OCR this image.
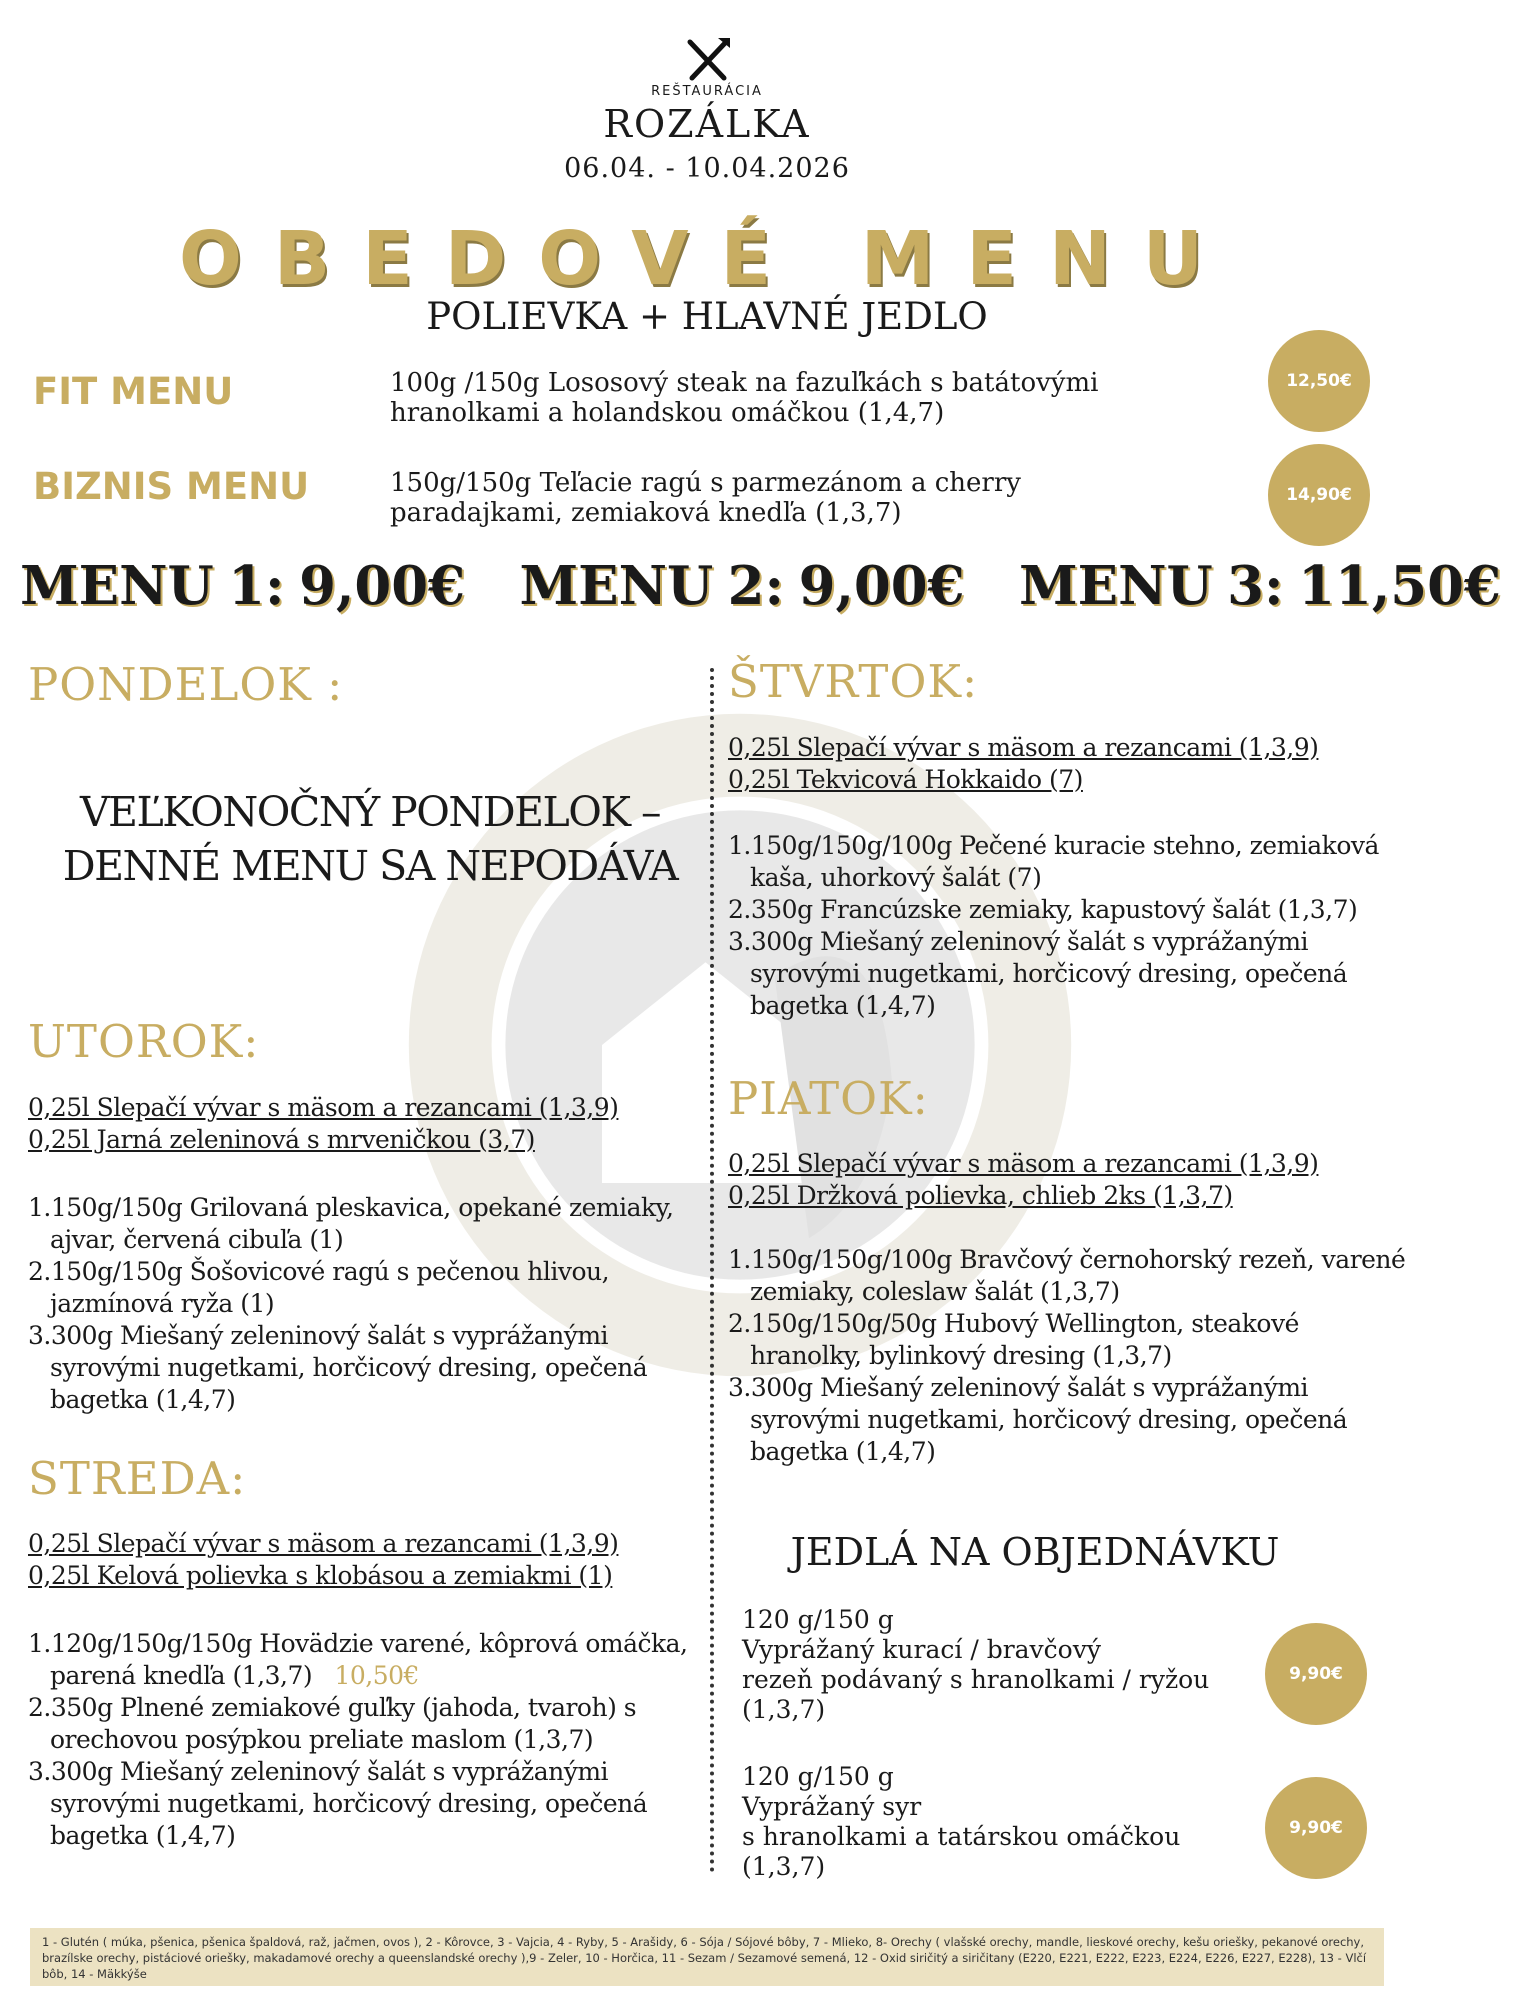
REŠTAURÁCIA
ROZÁLKA
06.04. - 10.04.2026
OBEDOVÉ MENU
POLIEVKA + HLAVNÉ JEDLO
FIT MENU	100g /150g Lososový steak na fazuľkách s batátovými
hranolkami a holandskou omáčkou (1,4,7)
12,50€
BIZNIS MENU	150g/150g Teľacie ragú s parmezánom a cherry
paradajkami, zemiaková knedľa (1,3,7)
14,90€
MENU 1: 9,00€ MENU 2: 9,00€ MENU 3: 11,50€
PONDELOK :
VEĽKONOČNÝ PONDELOK –
DENNÉ MENU SA NEPODÁVA
UTOROK:
0,25l Slepačí vývar s mäsom a rezancami (1,3,9)
0,25l Jarná zeleninová s mrveničkou (3,7)
1.150g/150g Grilovaná pleskavica, opekané zemiaky,
ajvar, červená cibuľa (1)
2.150g/150g Šošovicové ragú s pečenou hlivou,
jazmínová ryža (1)
3.300g Miešaný zeleninový šalát s vyprážanými
syrovými nugetkami, horčicový dresing, opečená
bagetka (1,4,7)
STREDA:
0,25l Slepačí vývar s mäsom a rezancami (1,3,9)
0,25l Kelová polievka s klobásou a zemiakmi (1)
1.120g/150g/150g Hovädzie varené, kôprová omáčka,
parená knedľa (1,3,7) 10,50€
2.350g Plnené zemiakové guľky (jahoda, tvaroh) s
orechovou posýpkou preliate maslom (1,3,7)
3.300g Miešaný zeleninový šalát s vyprážanými
syrovými nugetkami, horčicový dresing, opečená
bagetka (1,4,7)
ŠTVRTOK:
0,25l Slepačí vývar s mäsom a rezancami (1,3,9)
0,25l Tekvicová Hokkaido (7)
1.150g/150g/100g Pečené kuracie stehno, zemiaková
kaša, uhorkový šalát (7)
2.350g Francúzske zemiaky, kapustový šalát (1,3,7)
3.300g Miešaný zeleninový šalát s vyprážanými
syrovými nugetkami, horčicový dresing, opečená
bagetka (1,4,7)
PIATOK:
0,25l Slepačí vývar s mäsom a rezancami (1,3,9)
0,25l Držková polievka, chlieb 2ks (1,3,7)
1.150g/150g/100g Bravčový černohorský rezeň, varené
zemiaky, coleslaw šalát (1,3,7)
2.150g/150g/50g Hubový Wellington, steakové
hranolky, bylinkový dresing (1,3,7)
3.300g Miešaný zeleninový šalát s vyprážanými
syrovými nugetkami, horčicový dresing, opečená
bagetka (1,4,7)
JEDLÁ NA OBJEDNÁVKU
120 g/150 g
Vyprážaný kurací / bravčový
rezeň podávaný s hranolkami / ryžou
(1,3,7)
9,90€
120 g/150 g
Vyprážaný syr
s hranolkami a tatárskou omáčkou
(1,3,7)
9,90€
1 - Glutén ( múka, pšenica, pšenica špaldová, raž, jačmen, ovos ), 2 - Kôrovce, 3 - Vajcia, 4 - Ryby, 5 - Arašidy, 6 - Sója / Sójové bôby, 7 - Mlieko, 8- Orechy ( vlašské orechy, mandle, lieskové orechy, kešu oriešky, pekanové orechy, brazílske orechy, pistáciové oriešky, makadamové orechy a queenslandské orechy ),9 - Zeler, 10 - Horčica, 11 - Sezam / Sezamové semená, 12 - Oxid siričitý a siričitany (E220, E221, E222, E223, E224, E226, E227, E228), 13 - Vlčí bôb, 14 - Mäkkýše
